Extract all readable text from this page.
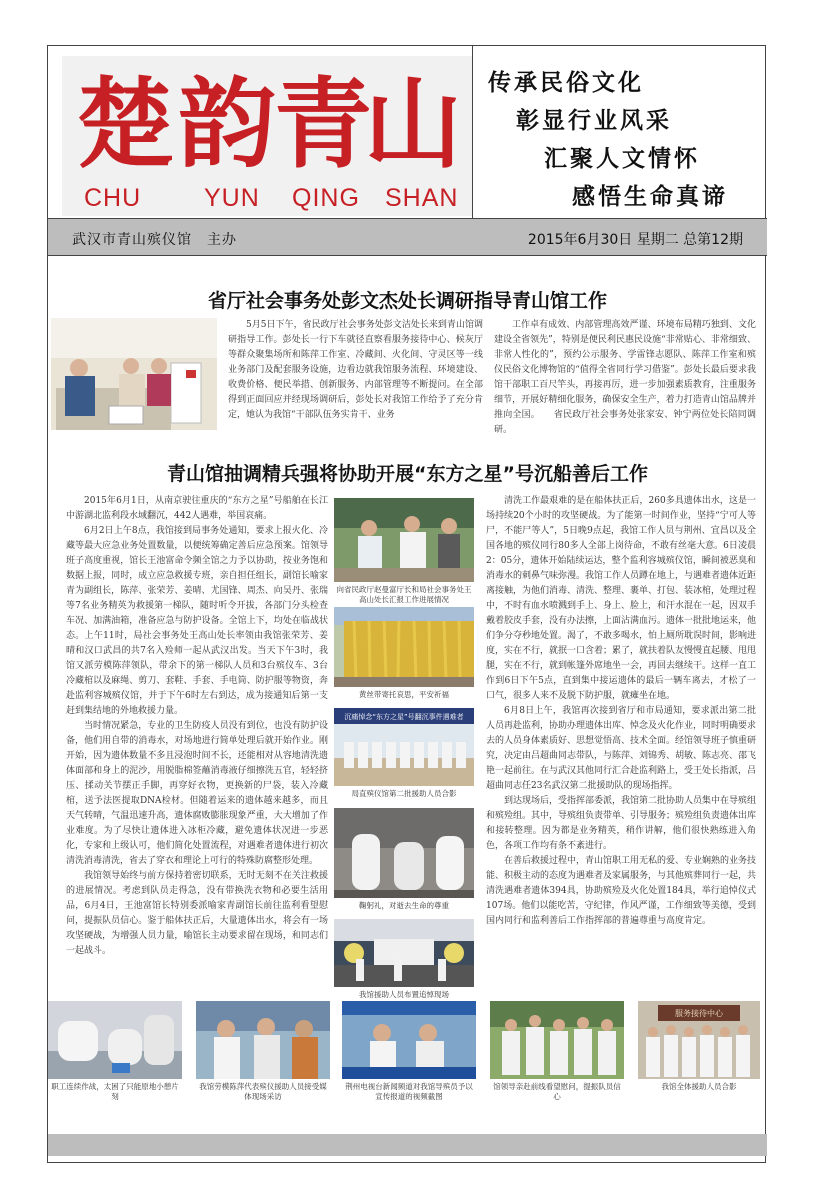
楚 韵
青
山
CHU	YUN QING SHAN
传承民俗文化
彰显行业风采
汇聚人文情怀
感悟生命真谛
武汉市青山殡仪馆　主办	2015年6月30日 星期二 总第12期
省厅社会事务处彭文杰处长调研指导青山馆工作

5月5日下午，省民政厅社会事务处彭文洁处长来到青山馆调研指导工作。彭处长一行下车就径直察看服务接待中心、候灰厅等群众聚集场所和陈萍工作室、冷藏间、火化间、守灵区等一线业务部门及配套服务设施，边看边就我馆服务流程、环境建设、收费价格、便民举措、创新服务、内部管理等不断提问。在全部得到正面回应并经现场调研后，彭处长对我馆工作给予了充分肯定，她认为我馆“干部队伍务实肯干、业务

工作卓有成效、内部管理高效严谨、环境布局精巧独到、文化建设全省领先”，特别是便民利民惠民设施“非常贴心、非常细致、非常人性化的”，预约公示服务、学雷锋志愿队、陈萍工作室和殡仪民俗文化博物馆的“值得全省同行学习借鉴”。彭处长最后要求我馆干部职工百尺竿头，再接再厉，进一步加强素质教育，注重服务细节，开展好精细化服务，确保安全生产，着力打造青山馆品牌并推向全国。　　省民政厅社会事务处张家安、钟宁两位处长陪同调研。

青山馆抽调精兵强将协助开展“东方之星”号沉船善后工作

2015年6月1日，从南京驶往重庆的“东方之星”号船舶在长江中游湖北监利段水域翻沉，442人遇难，举国哀痛。

6月2日上午8点，我馆接到局事务处通知，要求上报火化、冷藏等最大应急业务处置数量，以便统筹确定善后应急预案。馆领导班子高度重视，馆长王池富命令频全馆之力予以协助，按业务饱和数据上报，同时，成立应急救援专班，亲自担任组长，副馆长喻家青为副组长，陈萍、张荣芳、姜晴、尤国锋、周杰、向吴丹、张瑞等7名业务精英为救援第一梯队，随时听令开拔，各部门分头检查车况、加满油箱，准备应急与防护设备。全馆上下，均处在临战状态。上午11时，局社会事务处王高山处长率领由我馆张荣芳、姜晴和汉口武昌的共7名入殓师一起从武汉出发。当天下午3时，我馆又派劳模陈萍领队，带余下的第一梯队人员和3台殡仪车、3台冷藏棺以及麻绳、剪刀、套鞋、手套、手电筒、防护服等物资，奔赴监利容城殡仪馆，并于下午6时左右到达，成为接通知后第一支赶到集结地的外地救援力量。

当时情况紧急，专业的卫生防疫人员没有到位，也没有防护设备，他们用自带的消毒水，对场地进行简单处理后就开始作业。刚开始，因为遗体数量不多且浸泡时间不长，还能相对从容地清洗遗体面部和身上的泥沙，用脱脂棉签蘸消毒液仔细擦洗五官，轻轻挤压、揉动关节摆正手脚，再穿好衣物，更换新的尸袋，装入冷藏棺，送予法医提取DNA检材。但随着运来的遗体越来越多，而且天气转晴，气温迅速升高，遗体腐败膨胀现象严重，大大增加了作业难度。为了尽快让遗体进入冰柜冷藏，避免遗体状况进一步恶化，专家和上级认可，他们简化处置流程，对遇难者遗体进行初次清洗消毒清洗，省去了穿衣和理论上可行的特殊防腐整形处理。

我馆领导始终与前方保持着密切联系，无时无刻不在关注救援的进展情况。考虑到队员走得急，没有带换洗衣物和必要生活用品，6月4日，王池富馆长特别委派喻家青副馆长前往监利看望慰问，提振队员信心。鉴于船体扶正后，大量遗体出水，将会有一场攻坚硬战，为增强人员力量，喻馆长主动要求留在现场，和同志们一起战斗。

向省民政厅赵曼富厅长和局社会事务处王高山处长汇报工作进展情况
黄丝带寄托哀思，平安祈福
沉痛悼念“东方之星”号翻沉事件遇难者
局直殡仪馆第二批援助人员合影
鞠躬礼，对逝去生命的尊重
我馆援助人员布置追悼现场

清洗工作最艰难的是在船体扶正后，260多具遗体出水，这是一场持续20个小时的攻坚硬战。为了能第一时间作业，坚持“宁可人等尸，不能尸等人”，5日晚9点起，我馆工作人员与荆州、宜昌以及全国各地的殡仪同行80多人全部上岗待命，不敢有丝毫大意。6日凌晨2：05分，遗体开始陆续运达，整个监利容城殡仪馆，瞬间被恶臭和消毒水的刺鼻气味弥漫。我馆工作人员蹲在地上，与遇难者遗体近距离接触，为他们消毒、清洗、整理、裹单、打包、装冰棺，处理过程中，不时有血水喷溅到手上、身上、脸上，和汗水混在一起，因双手戴着胶皮手套，没有办法擦，上面沾满血污。遗体一批批地运来，他们争分夺秒地处置。渴了，不敢多喝水，怕上厕所耽误时间，影响进度，实在不行，就抿一口含着；累了，就扶着队友慢慢直起腰、甩甩腿，实在不行，就到帐篷外席地坐一会，再回去继续干。这样一直工作到6日下午5点，直到集中接运遗体的最后一辆车离去，才松了一口气，很多人来不及脱下防护服，就瘫坐在地。

6月8日上午，我馆再次接到省厅和市局通知，要求派出第二批人员再赴监利，协助办理遗体出库、悼念及火化作业，同时明确要求去的人员身体素质好、思想觉悟高、技术全面。经馆领导班子慎重研究，决定由吕超曲同志带队，与陈萍、刘锦秀、胡敏、陈志亮、邵飞艳一起前往。在与武汉其他同行汇合赴监利路上，受王处长指派，吕超曲同志任23名武汉第二批援助队的现场指挥。

到达现场后，受指挥部委派，我馆第二批协助人员集中在导殡组和殡殓组。其中，导殡组负责带单、引导服务；殡殓组负责遗体出库和接转整理。因为都是业务精英，稍作讲解，他们很快熟练进入角色，各项工作均有条不紊进行。

在善后救援过程中，青山馆职工用无私的爱、专业娴熟的业务技能、积极主动的态度为遇难者及家属服务，与其他殡葬同行一起，共清洗遇难者遗体394具，协助殡殓及火化处置184具，举行追悼仪式107场。他们以能吃苦，守纪律，作风严谨，工作细致等美德，受到国内同行和监利善后工作指挥部的普遍尊重与高度肯定。

职工连续作战，太困了只能原地小憩片刻
我馆劳模陈萍代表殡仪援助人员接受媒体现场采访
荆州电视台新闻频道对我馆导殡员予以宣传报道的视频截图
馆领导亲赴前线看望慰问，提振队员信心
服务接待中心
我馆全体援助人员合影
